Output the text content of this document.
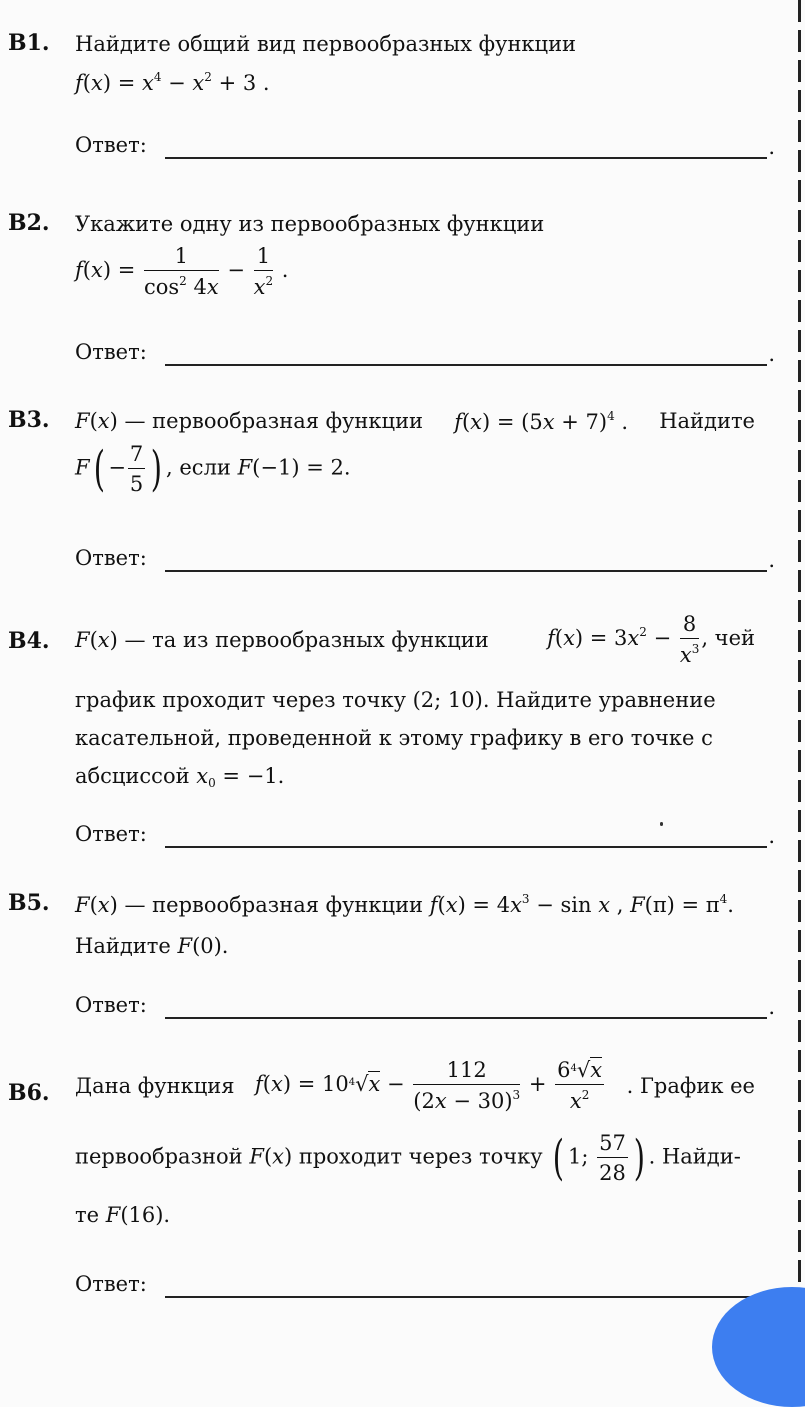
B1. Найдите общий вид первообразных функции
$f(x) = x^4 - x^2 + 3$ .
Ответ:	.
B2. Укажите одну из первообразных функции
$f(x) = \frac{1}{\cos^2 4x} - \frac{1}{x^2}$ .
Ответ:	.
B3. F(x) — первообразная функции $f(x) = (5x + 7)^4$ . Найдите
$F( - \frac{7}{5}$ ) , если F(−1) = 2.
Ответ:	.
B4. F(x) — та из первообразных функции	$f(x) = 3x^2 - \frac{8}{x^3}$ , чей
график проходит через точку (2; 10). Найдите уравнение
касательной, проведенной к этому графику в его точке с
абсциссой $x_0 = -1$.
Ответ:	.
B5. F(x) — первообразная функции $f(x) = 4x^3 - \sin x$ , $F(\pi) = \pi^4$.
Найдите F(0).
Ответ:	.
B6. Дана функция $f(x) = 10^4√x - \frac{112}{(2x - 30)^3} + \frac{6^4√x}{x^2}$ . График ее
первообразной F(x) проходит через точку ( 1; $\frac{57}{28}$ ) . Найди-
те F(16).
Ответ:
